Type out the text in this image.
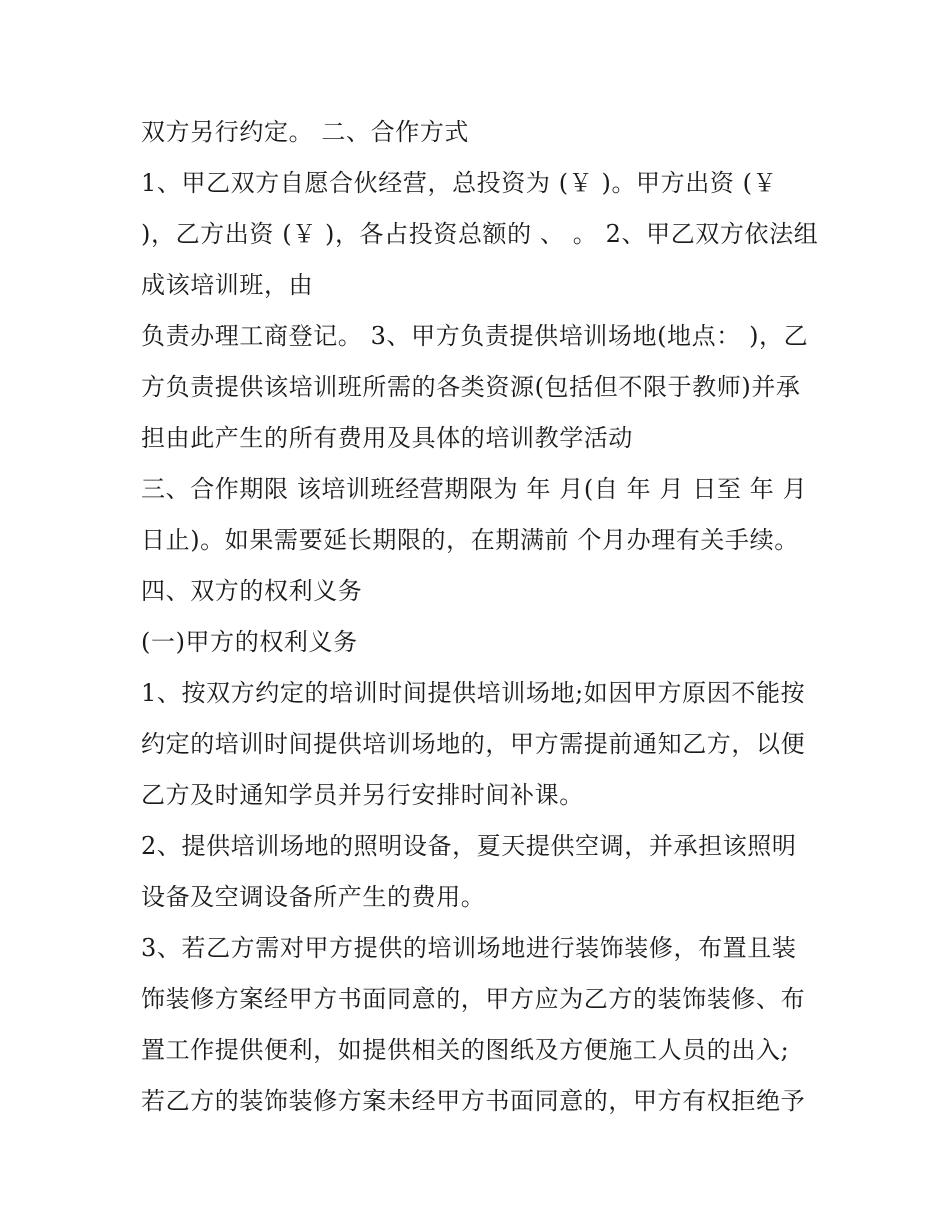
双方另行约定。 二、合作方式
1、甲乙双方自愿合伙经营，总投资为 (￥ )。甲方出资 (￥
)，乙方出资 (￥ )，各占投资总额的 、 。 2、甲乙双方依法组
成该培训班，由
负责办理工商登记。 3、甲方负责提供培训场地(地点： )，乙
方负责提供该培训班所需的各类资源(包括但不限于教师)并承
担由此产生的所有费用及具体的培训教学活动
三、合作期限 该培训班经营期限为 年 月(自 年 月 日至 年 月
日止)。如果需要延长期限的，在期满前 个月办理有关手续。
四、双方的权利义务
(一)甲方的权利义务
1、按双方约定的培训时间提供培训场地;如因甲方原因不能按
约定的培训时间提供培训场地的，甲方需提前通知乙方，以便
乙方及时通知学员并另行安排时间补课。
2、提供培训场地的照明设备，夏天提供空调，并承担该照明
设备及空调设备所产生的费用。
3、若乙方需对甲方提供的培训场地进行装饰装修，布置且装
饰装修方案经甲方书面同意的，甲方应为乙方的装饰装修、布
置工作提供便利，如提供相关的图纸及方便施工人员的出入;
若乙方的装饰装修方案未经甲方书面同意的，甲方有权拒绝予
